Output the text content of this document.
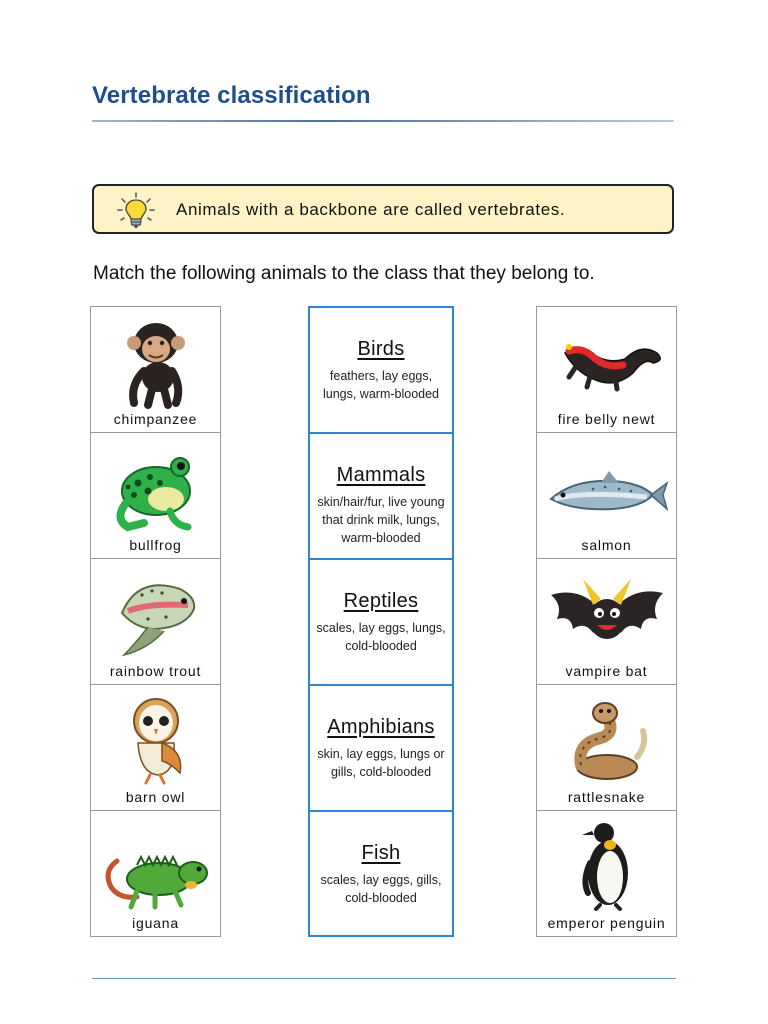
Vertebrate classification
Animals with a backbone are called vertebrates.
Match the following animals to the class that they belong to.
chimpanzee
bullfrog
rainbow trout
barn owl
iguana
Birds
feathers, lay eggs, lungs, warm-blooded
Mammals
skin/hair/fur, live young that drink milk, lungs, warm-blooded
Reptiles
scales, lay eggs, lungs, cold-blooded
Amphibians
skin, lay eggs, lungs or gills, cold-blooded
Fish
scales, lay eggs, gills, cold-blooded
fire belly newt
salmon
vampire bat
rattlesnake
emperor penguin
